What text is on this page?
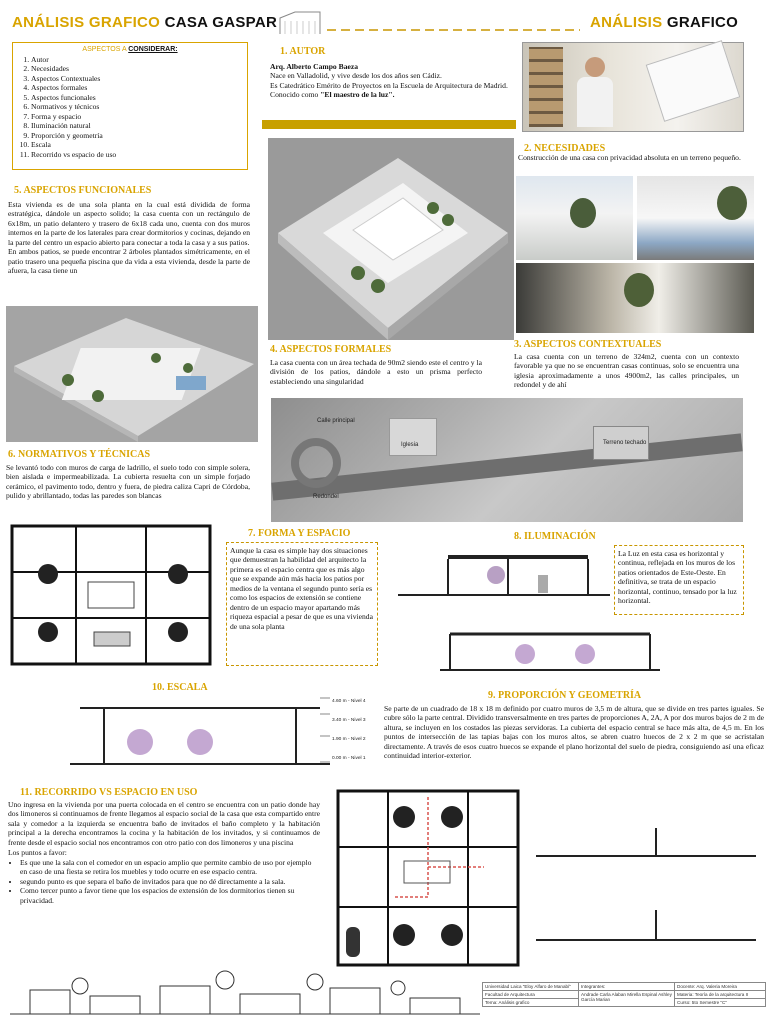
ANÁLISIS GRAFICO CASA GASPAR	ANÁLISIS GRAFICO
ASPECTOS A CONSIDERAR:
1. Autor
2. Necesidades
3. Aspectos Contextuales
4. Aspectos formales
5. Aspectos funcionales
6. Normativos y técnicos
7. Forma y espacio
8. Iluminación natural
9. Proporción y geometría
10. Escala
11. Recorrido vs espacio de uso
1. AUTOR
Arq. Alberto Campo Baeza
Nace en Valladolid, y vive desde los dos años sen Cádiz.
Es Catedrático Emérito de Proyectos en la Escuela de Arquitectura de Madrid.
Conocido como "El maestro de la luz".
2. NECESIDADES
Construcción de una casa con privacidad absoluta en un terreno pequeño.
5. ASPECTOS FUNCIONALES
Esta vivienda es de una sola planta en la cual está dividida de forma estratégica, dándole un aspecto solido; la casa cuenta con un rectángulo de 6x18m, un patio delantero y trasero de 6x18 cada uno, cuenta con dos muros internos en la parte de los laterales para crear dormitorios y cocinas, dejando en la parte del centro un espacio abierto para conectar a toda la casa y a sus patios.
En ambos patios, se puede encontrar 2 árboles plantados simétricamente, en el patio trasero una pequeña piscina que da vida a esta vivienda, desde la parte de afuera, la casa tiene un
4. ASPECTOS FORMALES
La casa cuenta con un área techada de 90m2 siendo este el centro y la división de los patios, dándole a esto un prisma perfecto estableciendo una singularidad
3. ASPECTOS CONTEXTUALES
La casa cuenta con un terreno de 324m2, cuenta con un contexto favorable ya que no se encuentran casas continuas, solo se encuentra una iglesia aproximadamente a unos 4900m2, las calles principales, un redondel y de ahí
Calle principal
Iglesia	Terreno techado
Redondel
6. NORMATIVOS Y TÉCNICAS
Se levantó todo con muros de carga de ladrillo, el suelo todo con simple solera, bien aislada e impermeabilizada. La cubierta resuelta con un simple forjado cerámico, el pavimento todo, dentro y fuera, de piedra caliza Capri de Córdoba, pulido y abrillantado, todas las paredes son blancas
7. FORMA Y ESPACIO
Aunque la casa es simple hay dos situaciones que demuestran la habilidad del arquitecto la primera es el espacio centra que es más algo que se expande aún más hacia los patios por medios de la ventana el segundo punto sería es como los espacios de extensión se contiene dentro de un espacio mayor apartando más riqueza espacial a pesar de que es una vivienda de una sola planta
8. ILUMINACIÓN
La Luz en esta casa es horizontal y continua, reflejada en los muros de los patios orientados de Este-Oeste. En definitiva, se trata de un espacio horizontal, continuo, tensado por la luz horizontal.
10. ESCALA
4.60 m - Nivel 4
3.40 m - Nivel 3
1.90 m - Nivel 2
0.00 m - Nivel 1
9. PROPORCIÓN Y GEOMETRÍA
Se parte de un cuadrado de 18 x 18 m definido por cuatro muros de 3,5 m de altura, que se divide en tres partes iguales. Se cubre sólo la parte central. Dividido transversalmente en tres partes de proporciones A, 2A, A por dos muros bajos de 2 m de altura, se incluyen en los costados las piezas servidoras. La cubierta del espacio central se hace más alta, de 4,5 m. En los puntos de intersección de las tapias bajas con los muros altos, se abren cuatro huecos de 2 x 2 m que se acristalan directamente. A través de esos cuatro huecos se expande el plano horizontal del suelo de piedra, consiguiendo así una eficaz continuidad interior-exterior.
11. RECORRIDO VS ESPACIO EN USO
Uno ingresa en la vivienda por una puerta colocada en el centro se encuentra con un patio donde hay dos limoneros si continuamos de frente llegamos al espacio social de la casa que esta compartido entre sala y comedor a la izquierda se encuentra baño de invitados el baño completo y la habitación principal a la derecha encontramos la cocina y la habitación de los invitados, y si continuamos de frente desde el espacio social nos encontramos con otro patio con dos limoneros y una piscina
Los puntos a favor:
• Es que une la sala con el comedor en un espacio amplio que permite cambio de uso por ejemplo en caso de una fiesta se retira los muebles y todo ocurre en ese espacio centra.
• segundo punto es que separa el baño de invitados para que no dé directamente a la sala.
• Como tercer punto a favor tiene que los espacios de extensión de los dormitorios tienen su privacidad.
Universidad Laica "Eloy Alfaro de Manabí"	Integrantes:	Docente: Arq. Valeria Moreira
Facultad de Arquitectura	Andrade Carla Alaban Mirella Espinal Ashley García Marian	Materia: Teoría de la arquitectura II
Tema: Análisis grafico		Curso: 5to Semestre "C"
